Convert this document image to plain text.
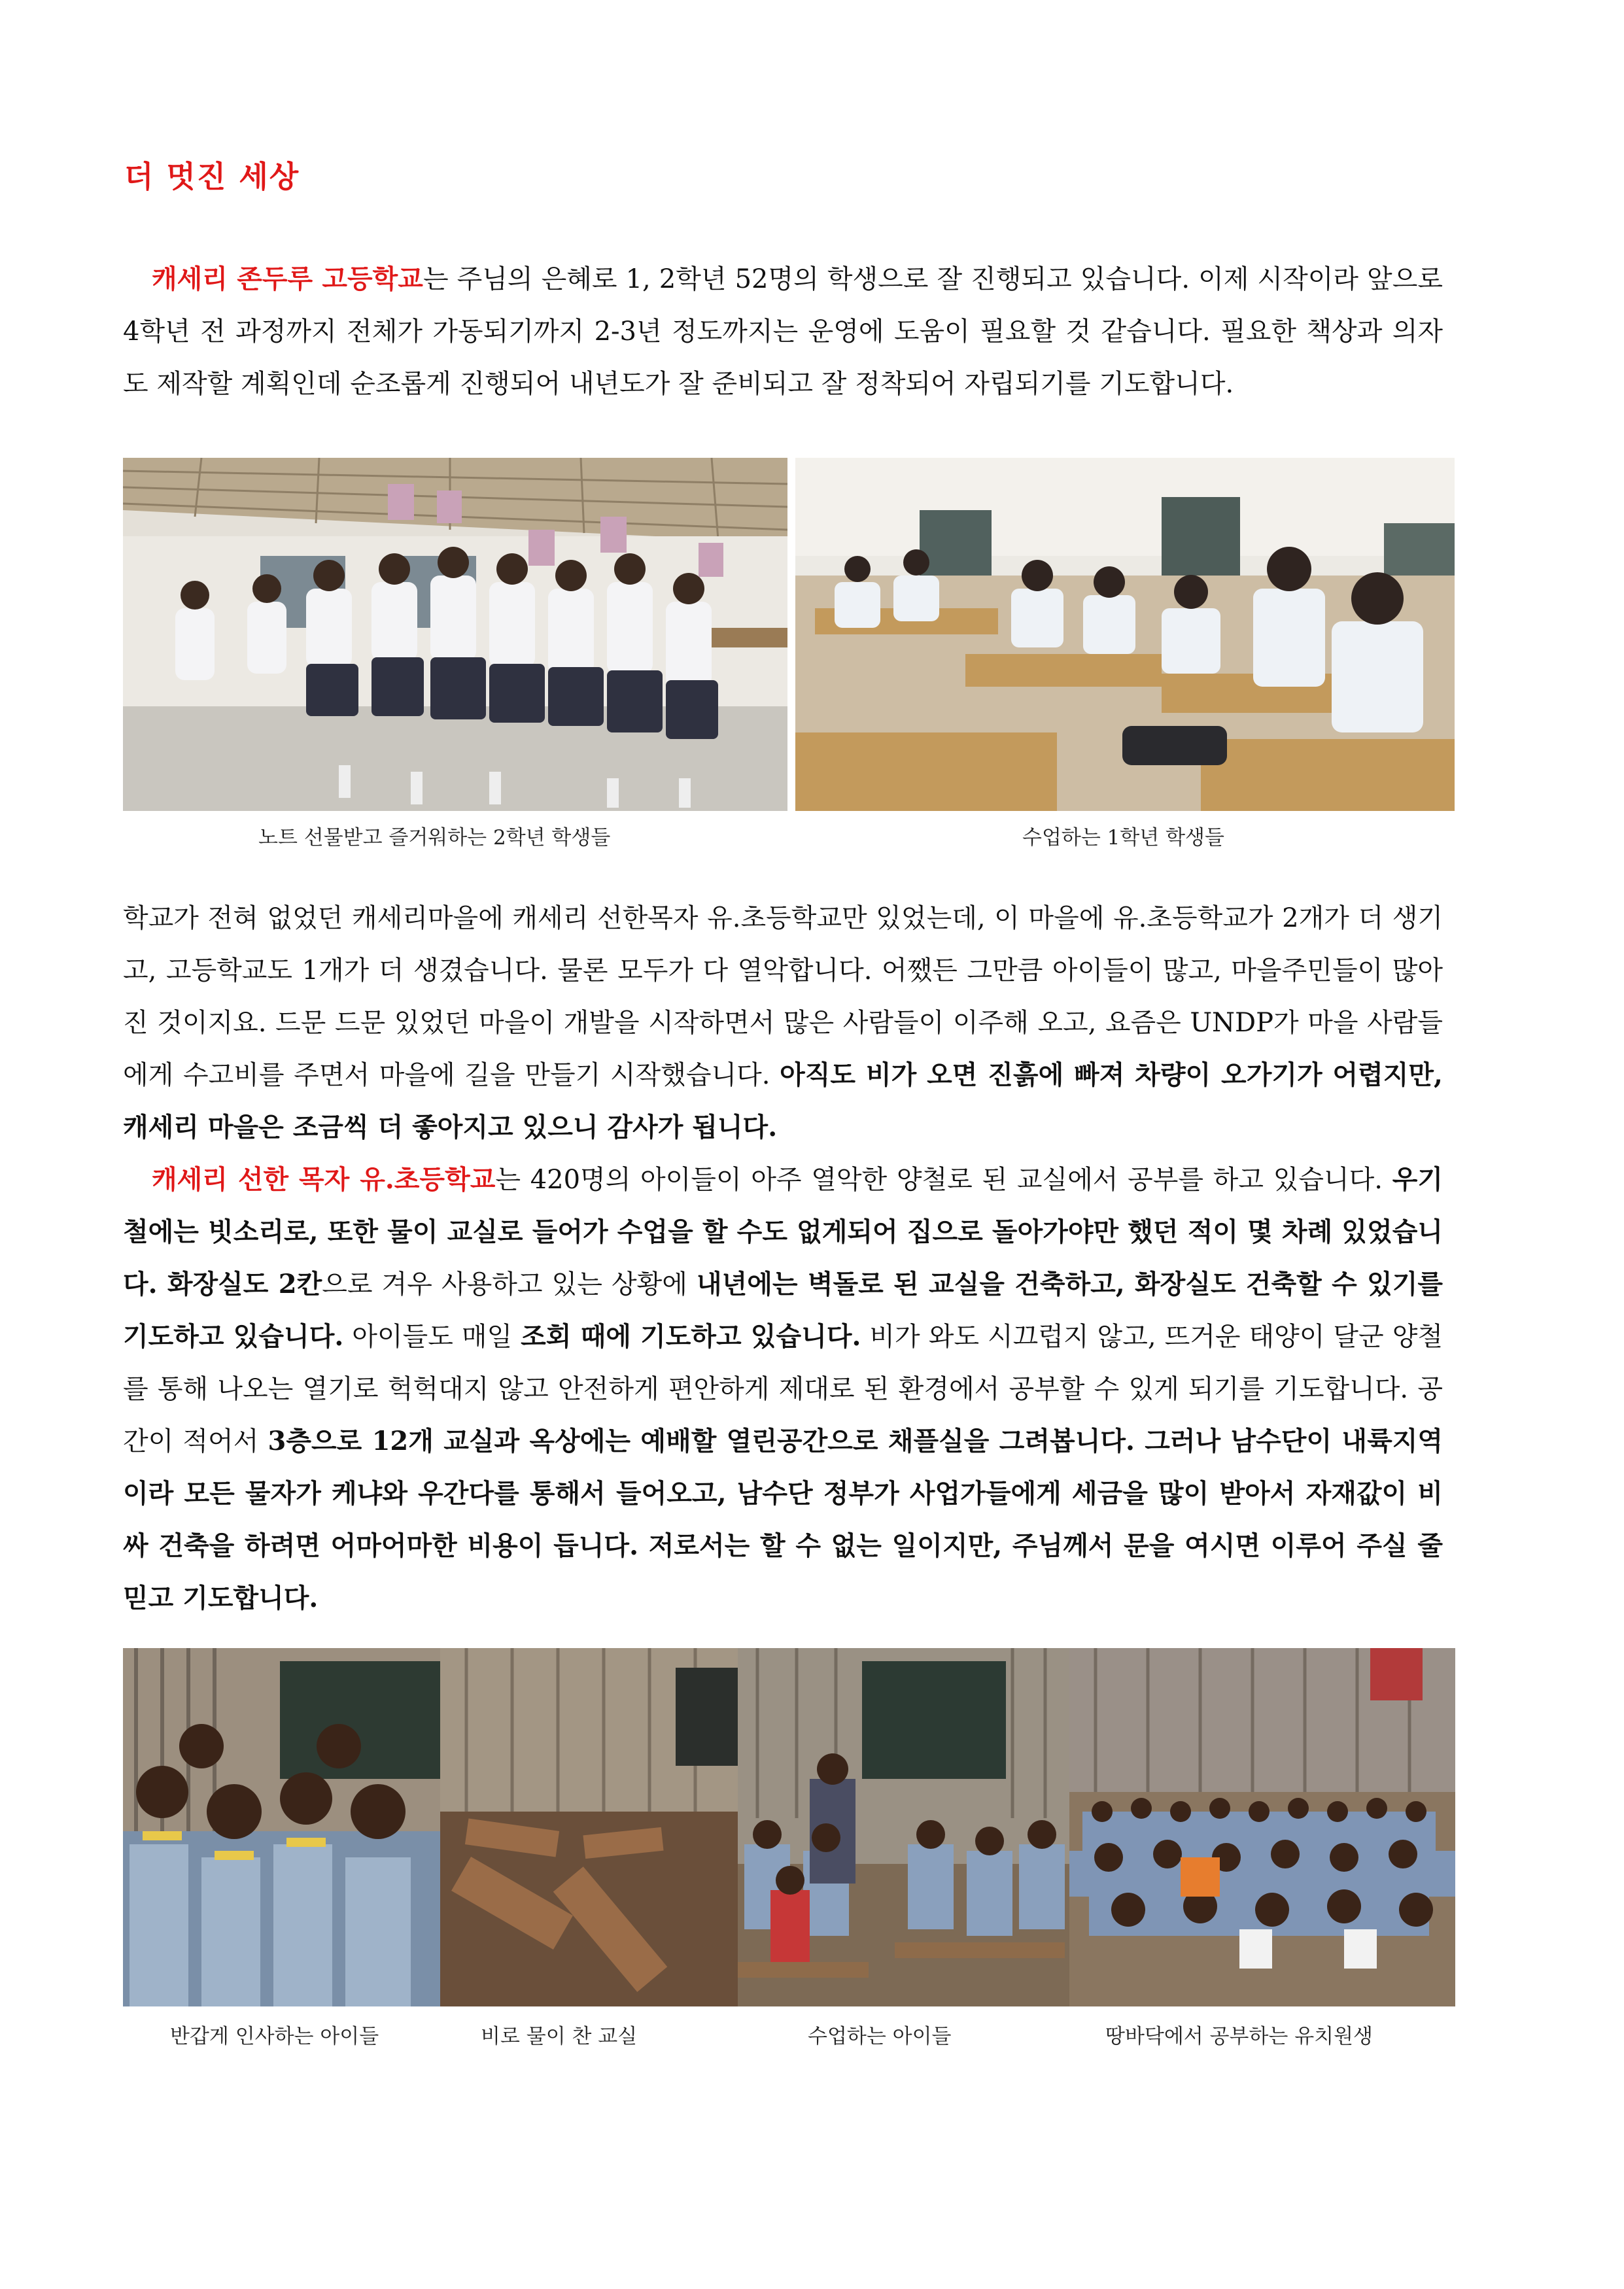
더 멋진 세상

캐세리 존두루 고등학교는 주님의 은혜로 1, 2학년 52명의 학생으로 잘 진행되고 있습니다. 이제 시작이라 앞으로 4학년 전 과정까지 전체가 가동되기까지 2-3년 정도까지는 운영에 도움이 필요할 것 같습니다. 필요한 책상과 의자도 제작할 계획인데 순조롭게 진행되어 내년도가 잘 준비되고 잘 정착되어 자립되기를 기도합니다.

노트 선물받고 즐거워하는 2학년 학생들	수업하는 1학년 학생들

학교가 전혀 없었던 캐세리마을에 캐세리 선한목자 유.초등학교만 있었는데, 이 마을에 유.초등학교가 2개가 더 생기고, 고등학교도 1개가 더 생겼습니다. 물론 모두가 다 열악합니다. 어쨌든 그만큼 아이들이 많고, 마을주민들이 많아진 것이지요. 드문 드문 있었던 마을이 개발을 시작하면서 많은 사람들이 이주해 오고, 요즘은 UNDP가 마을 사람들에게 수고비를 주면서 마을에 길을 만들기 시작했습니다. 아직도 비가 오면 진흙에 빠져 차량이 오가기가 어렵지만, 캐세리 마을은 조금씩 더 좋아지고 있으니 감사가 됩니다.

캐세리 선한 목자 유.초등학교는 420명의 아이들이 아주 열악한 양철로 된 교실에서 공부를 하고 있습니다. 우기철에는 빗소리로, 또한 물이 교실로 들어가 수업을 할 수도 없게되어 집으로 돌아가야만 했던 적이 몇 차례 있었습니다. 화장실도 2칸으로 겨우 사용하고 있는 상황에 내년에는 벽돌로 된 교실을 건축하고, 화장실도 건축할 수 있기를 기도하고 있습니다. 아이들도 매일 조회 때에 기도하고 있습니다. 비가 와도 시끄럽지 않고, 뜨거운 태양이 달군 양철를 통해 나오는 열기로 헉헉대지 않고 안전하게 편안하게 제대로 된 환경에서 공부할 수 있게 되기를 기도합니다. 공간이 적어서 3층으로 12개 교실과 옥상에는 예배할 열린공간으로 채플실을 그려봅니다. 그러나 남수단이 내륙지역이라 모든 물자가 케냐와 우간다를 통해서 들어오고, 남수단 정부가 사업가들에게 세금을 많이 받아서 자재값이 비싸 건축을 하려면 어마어마한 비용이 듭니다. 저로서는 할 수 없는 일이지만, 주님께서 문을 여시면 이루어 주실 줄 믿고 기도합니다.

반갑게 인사하는 아이들	비로 물이 찬 교실	수업하는 아이들	땅바닥에서 공부하는 유치원생
